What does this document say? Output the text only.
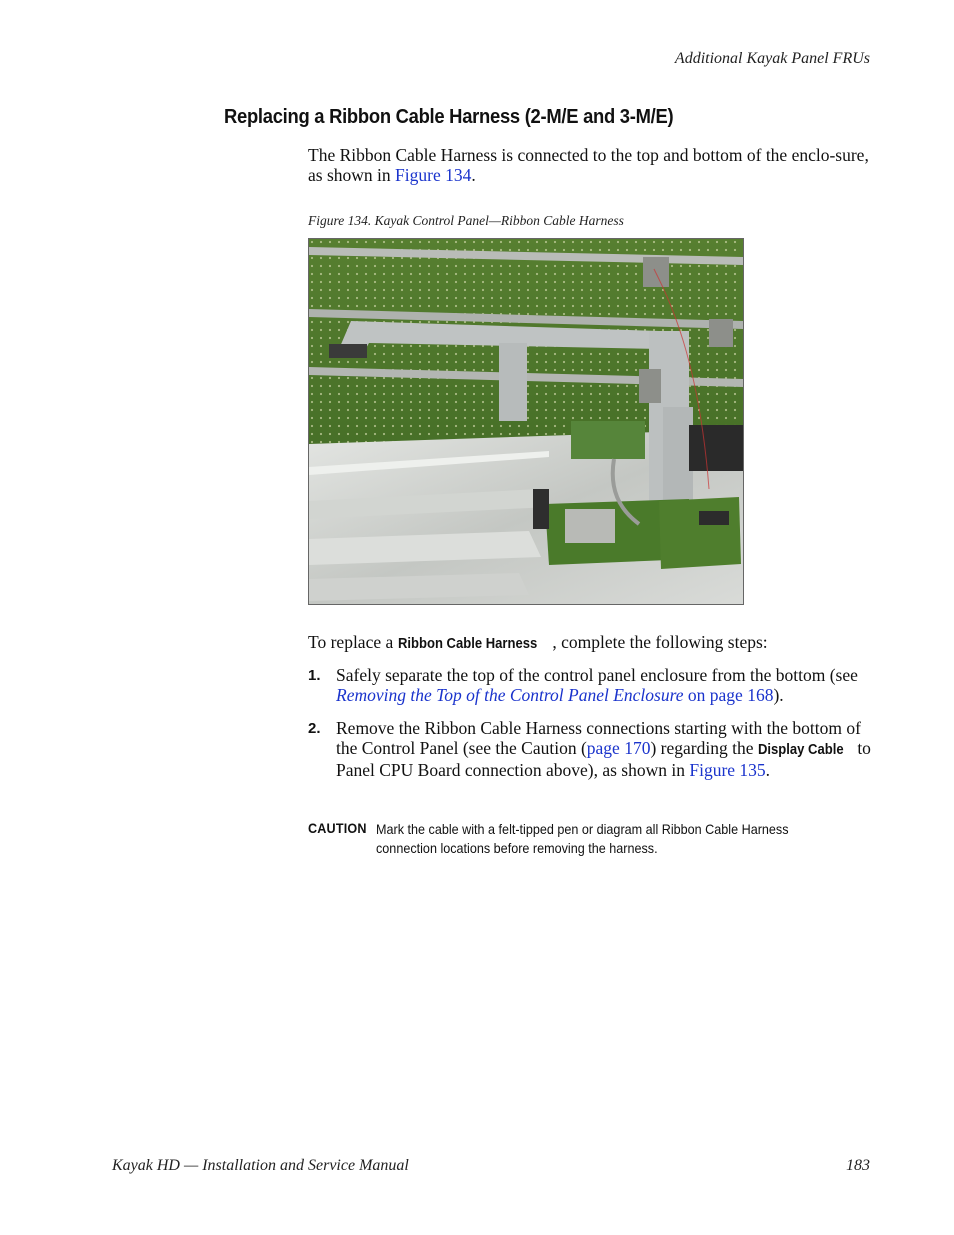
Additional Kayak Panel FRUs
Replacing a Ribbon Cable Harness (2-M/E and 3-M/E)
The Ribbon Cable Harness is connected to the top and bottom of the enclo-sure, as shown in Figure 134.
Figure 134. Kayak Control Panel—Ribbon Cable Harness
To replace a Ribbon Cable Harness , complete the following steps:
1. Safely separate the top of the control panel enclosure from the bottom (see Removing the Top of the Control Panel Enclosure on page 168).
2. Remove the Ribbon Cable Harness connections starting with the bottom of the Control Panel (see the Caution (page 170) regarding the Display Cable to Panel CPU Board connection above), as shown in Figure 135.
CAUTION Mark the cable with a felt-tipped pen or diagram all Ribbon Cable Harness connection locations before removing the harness.
Kayak HD — Installation and Service Manual	183
